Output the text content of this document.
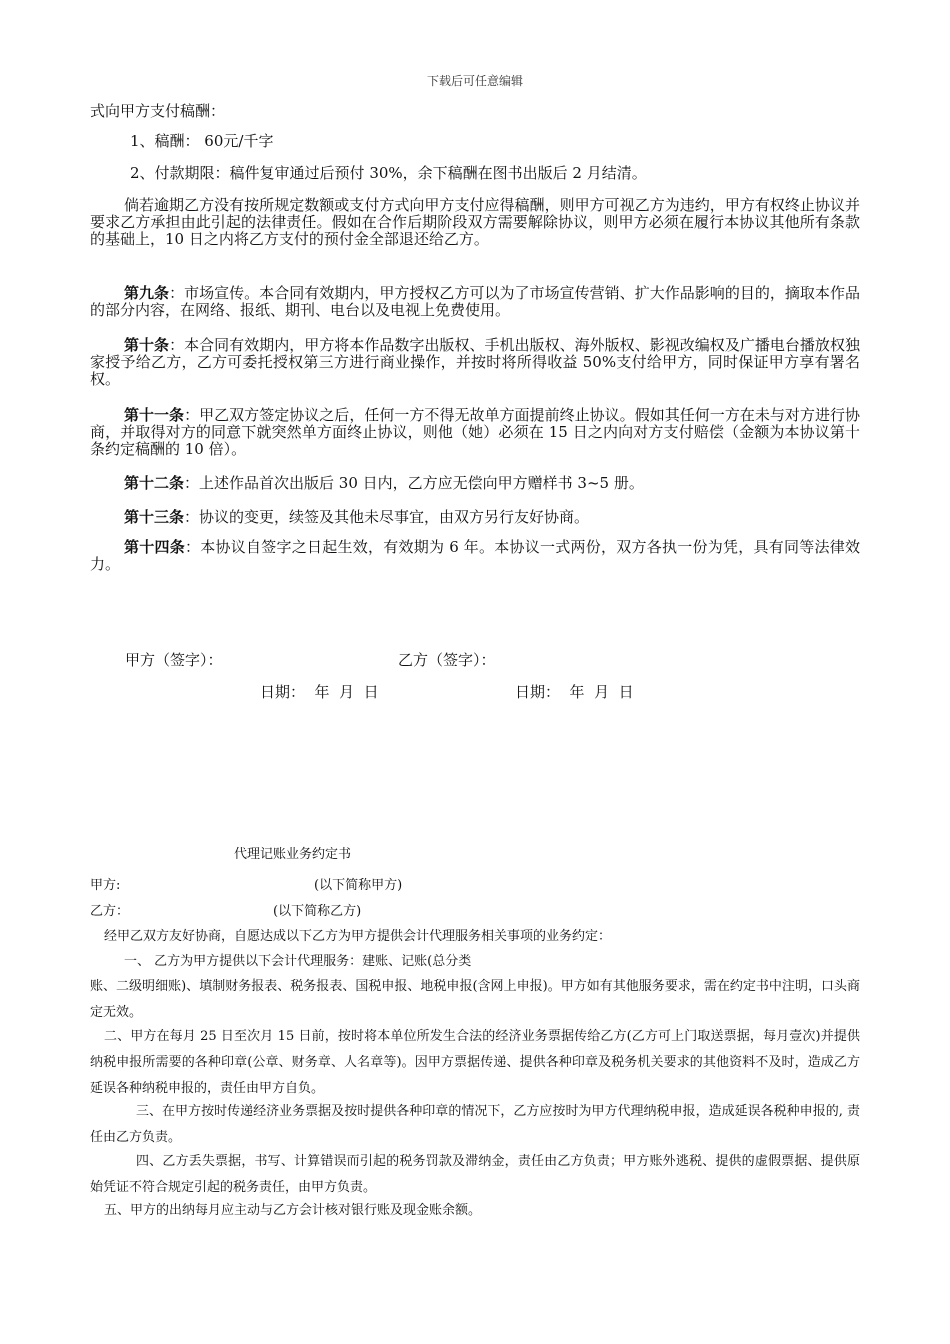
下载后可任意编辑
式向甲方支付稿酬：
1、稿酬： 60元/千字
2、付款期限：稿件复审通过后预付 30%，余下稿酬在图书出版后 2 月结清。
倘若逾期乙方没有按所规定数额或支付方式向甲方支付应得稿酬，则甲方可视乙方为违约，甲方有权终止协议并要求乙方承担由此引起的法律责任。假如在合作后期阶段双方需要解除协议，则甲方必须在履行本协议其他所有条款的基础上，10 日之内将乙方支付的预付金全部退还给乙方。
第九条：市场宣传。本合同有效期内，甲方授权乙方可以为了市场宣传营销、扩大作品影响的目的，摘取本作品的部分内容，在网络、报纸、期刊、电台以及电视上免费使用。
第十条：本合同有效期内，甲方将本作品数字出版权、手机出版权、海外版权、影视改编权及广播电台播放权独家授予给乙方，乙方可委托授权第三方进行商业操作，并按时将所得收益 50%支付给甲方，同时保证甲方享有署名权。
第十一条：甲乙双方签定协议之后，任何一方不得无故单方面提前终止协议。假如其任何一方在未与对方进行协商，并取得对方的同意下就突然单方面终止协议，则他（她）必须在 15 日之内向对方支付赔偿（金额为本协议第十条约定稿酬的 10 倍）。
第十二条：上述作品首次出版后 30 日内，乙方应无偿向甲方赠样书 3~5 册。
第十三条：协议的变更，续签及其他未尽事宜，由双方另行友好协商。
第十四条：本协议自签字之日起生效，有效期为 6 年。本协议一式两份，双方各执一份为凭，具有同等法律效力。
甲方（签字）：	乙方（签字）：
日期：  年  月  日	日期：  年  月  日
代理记账业务约定书
甲方:	(以下简称甲方)
乙方：	(以下简称乙方)
经甲乙双方友好协商，自愿达成以下乙方为甲方提供会计代理服务相关事项的业务约定：
一、 乙方为甲方提供以下会计代理服务：建账、记账(总分类
账、二级明细账)、填制财务报表、税务报表、国税申报、地税申报(含网上申报)。甲方如有其他服务要求，需在约定书中注明，口头商定无效。
二、甲方在每月 25 日至次月 15 日前，按时将本单位所发生合法的经济业务票据传给乙方(乙方可上门取送票据，每月壹次)并提供纳税申报所需要的各种印章(公章、财务章、人名章等)。因甲方票据传递、提供各种印章及税务机关要求的其他资料不及时，造成乙方延误各种纳税申报的，责任由甲方自负。
三、在甲方按时传递经济业务票据及按时提供各种印章的情况下，乙方应按时为甲方代理纳税申报，造成延误各税种申报的, 责任由乙方负责。
四、乙方丢失票据，书写、计算错误而引起的税务罚款及滞纳金，责任由乙方负责；甲方账外逃税、提供的虚假票据、提供原始凭证不符合规定引起的税务责任，由甲方负责。
五、甲方的出纳每月应主动与乙方会计核对银行账及现金账余额。
